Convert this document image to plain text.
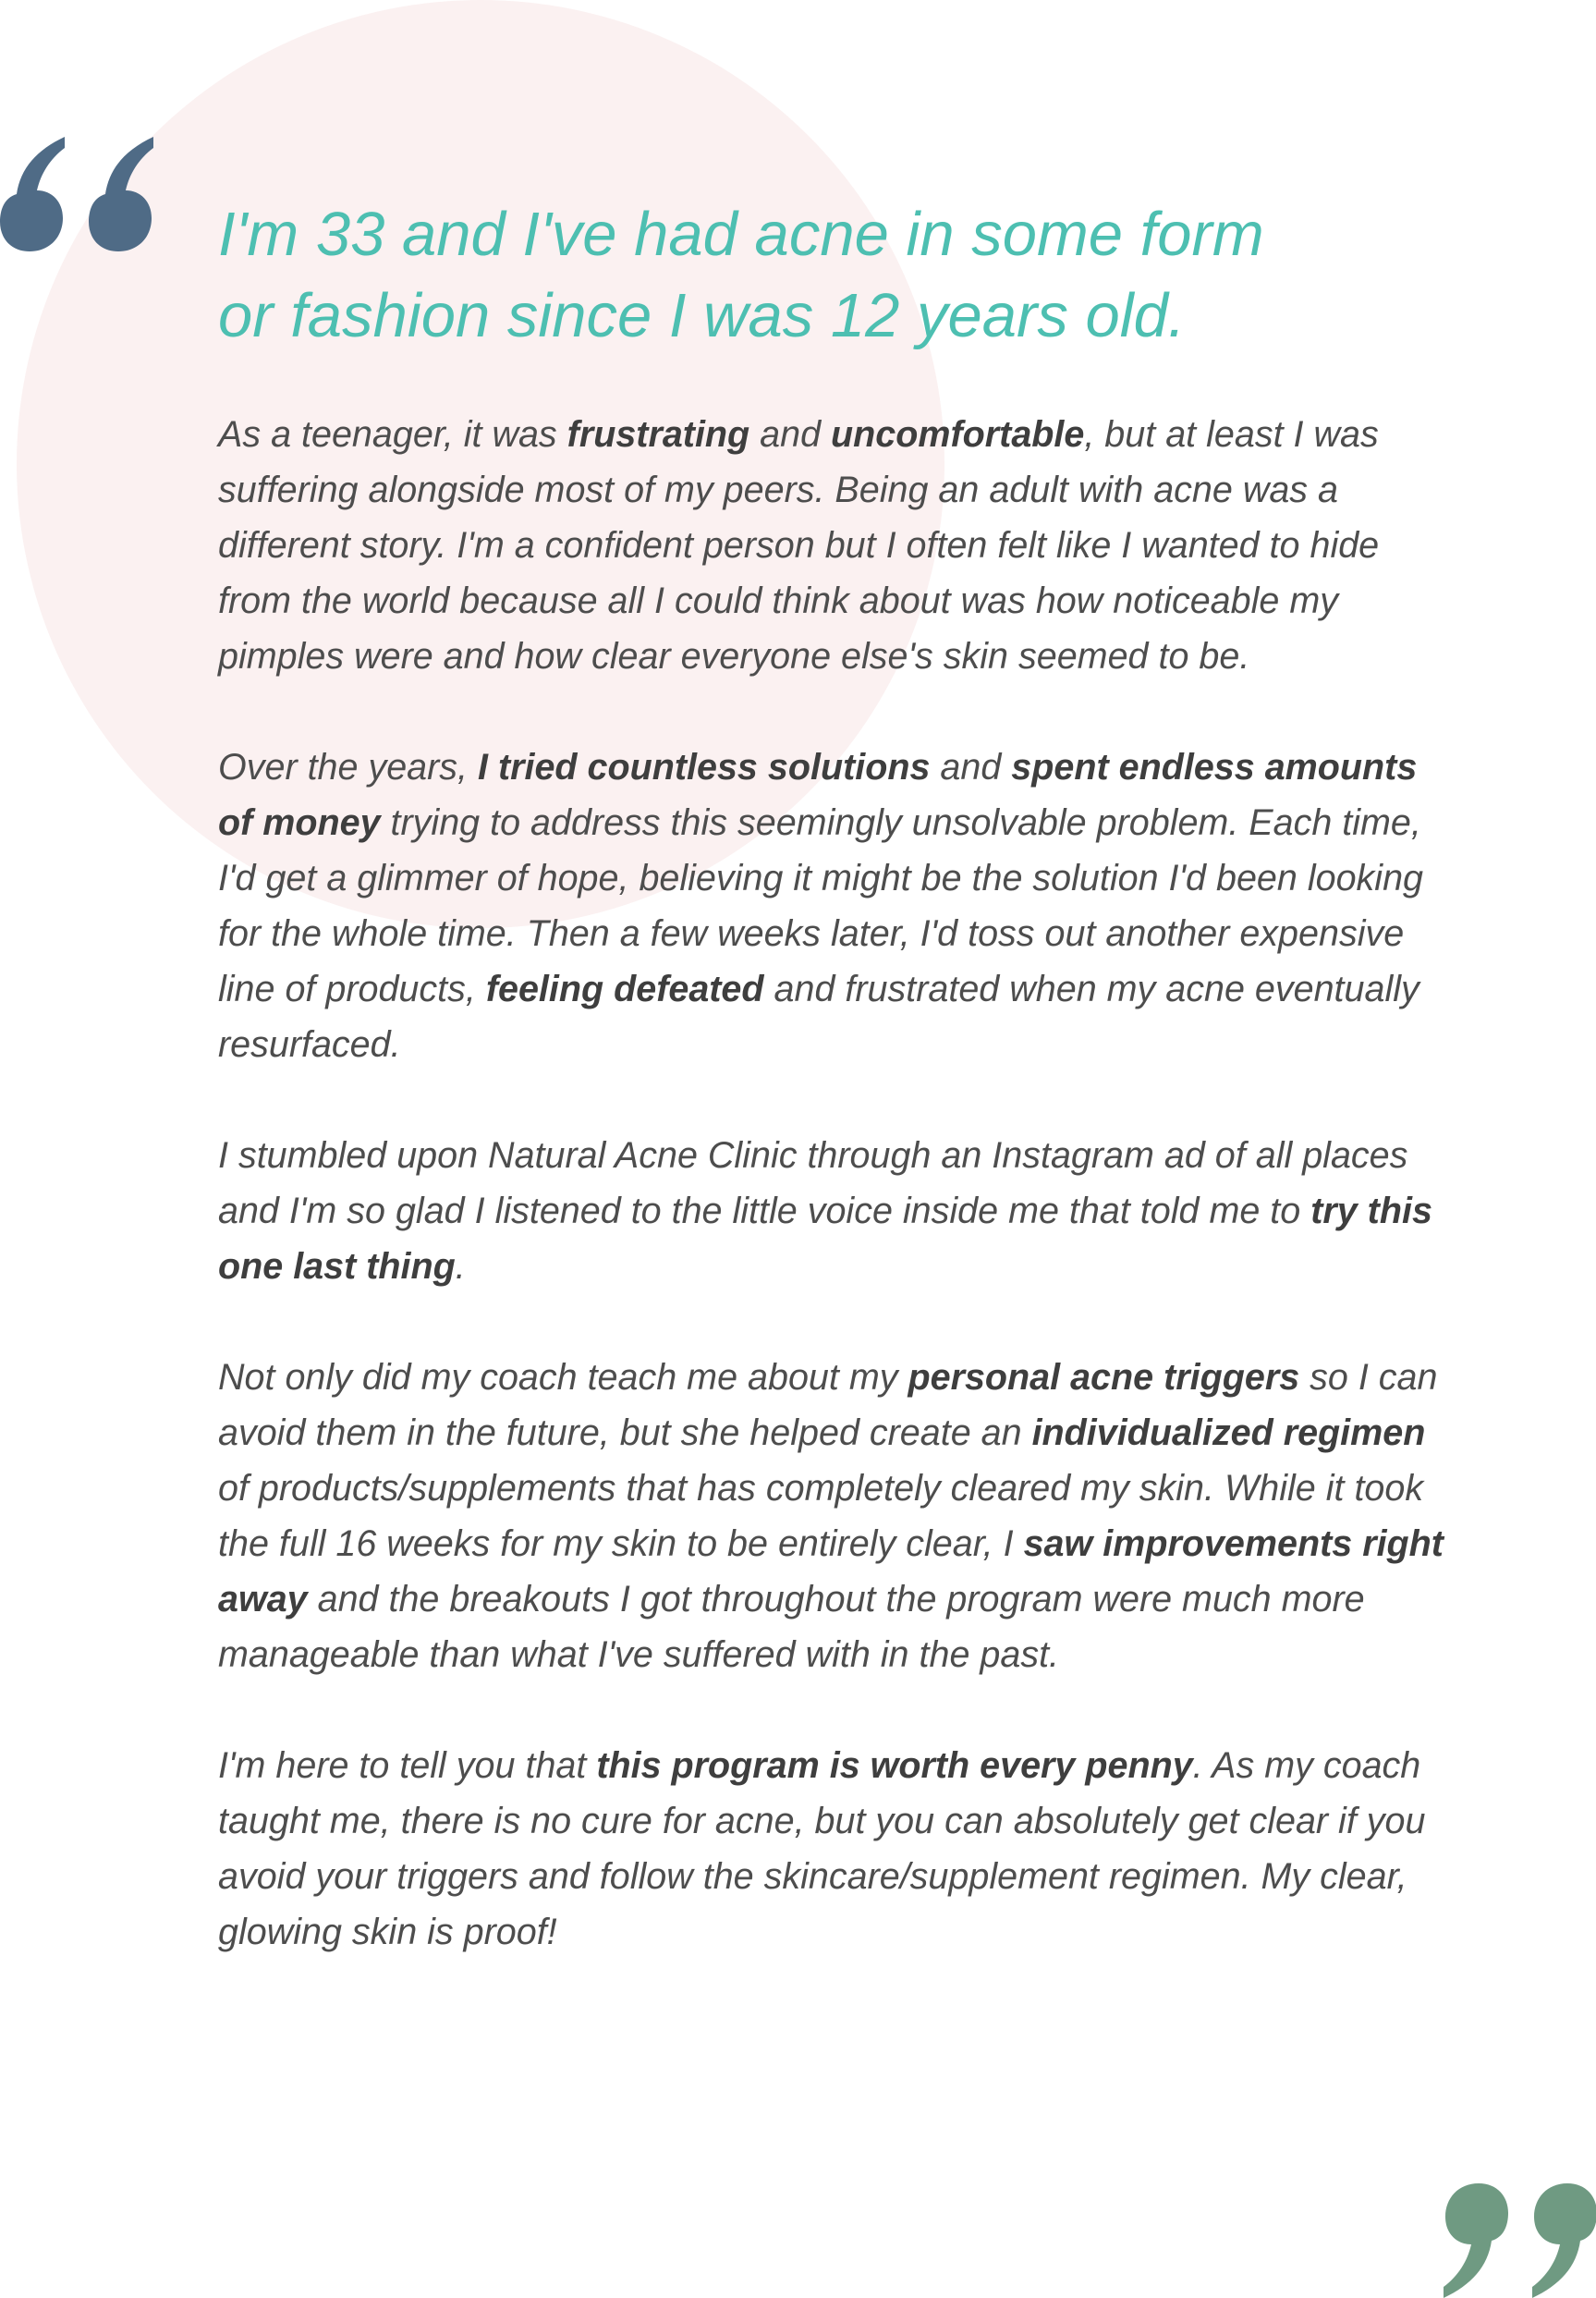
I'm 33 and I've had acne in some form
or fashion since I was 12 years old.

As a teenager, it was frustrating and uncomfortable, but at least I was suffering alongside most of my peers. Being an adult with acne was a different story. I'm a confident person but I often felt like I wanted to hide from the world because all I could think about was how noticeable my pimples were and how clear everyone else's skin seemed to be.

Over the years, I tried countless solutions and spent endless amounts of money trying to address this seemingly unsolvable problem. Each time, I'd get a glimmer of hope, believing it might be the solution I'd been looking for the whole time. Then a few weeks later, I'd toss out another expensive line of products, feeling defeated and frustrated when my acne eventually resurfaced.

I stumbled upon Natural Acne Clinic through an Instagram ad of all places and I'm so glad I listened to the little voice inside me that told me to try this one last thing.

Not only did my coach teach me about my personal acne triggers so I can avoid them in the future, but she helped create an individualized regimen of products/supplements that has completely cleared my skin. While it took the full 16 weeks for my skin to be entirely clear, I saw improvements right away and the breakouts I got throughout the program were much more manageable than what I've suffered with in the past.

I'm here to tell you that this program is worth every penny. As my coach taught me, there is no cure for acne, but you can absolutely get clear if you avoid your triggers and follow the skincare/supplement regimen. My clear, glowing skin is proof!
